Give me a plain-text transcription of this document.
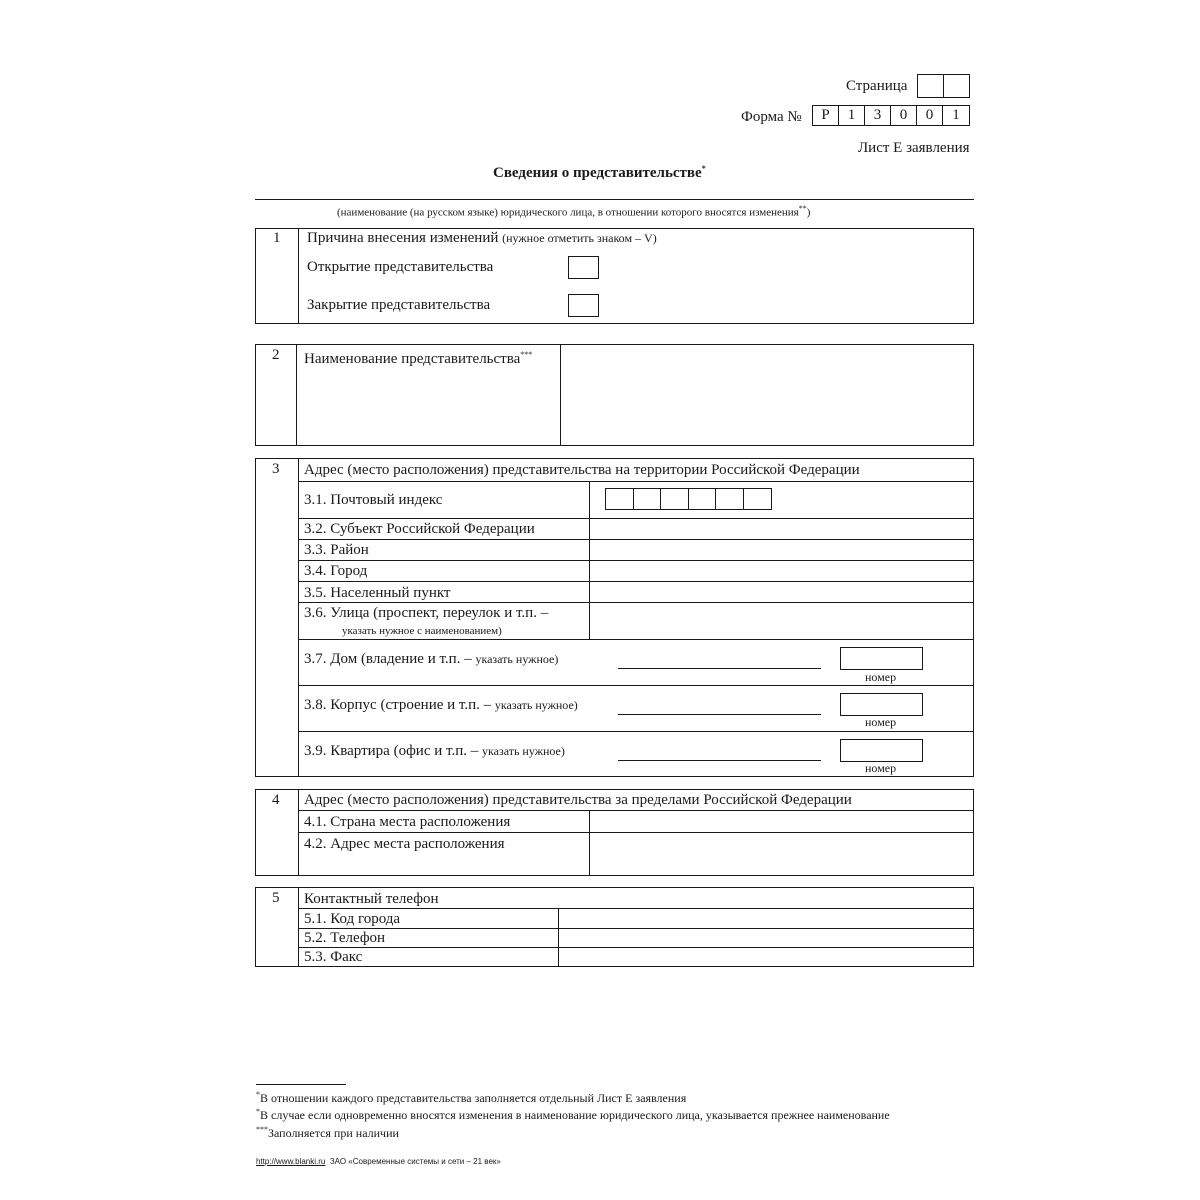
Страница
Форма №	Р	1	3	0	0	1
Лист Е заявления
Сведения о представительстве*
(наименование (на русском языке) юридического лица, в отношении которого вносятся изменения**)
1 Причина внесения изменений (нужное отметить знаком – V)
Открытие представительства
Закрытие представительства
2 Наименование представительства***
3 Адрес (место расположения) представительства на территории Российской Федерации
3.1. Почтовый индекс
3.2. Субъект Российской Федерации
3.3. Район
3.4. Город
3.5. Населенный пункт
3.6. Улица (проспект, переулок и т.п. –
указать нужное с наименованием)
3.7. Дом (владение и т.п. – указать нужное)
номер
3.8. Корпус (строение и т.п. – указать нужное)
номер
3.9. Квартира (офис и т.п. – указать нужное)
номер
4 Адрес (место расположения) представительства за пределами Российской Федерации
4.1. Страна места расположения
4.2. Адрес места расположения
5 Контактный телефон
5.1. Код города
5.2. Телефон
5.3. Факс
*В отношении каждого представительства заполняется отдельный Лист Е заявления
*В случае если одновременно вносятся изменения в наименование юридического лица, указывается прежнее наименование
***Заполняется при наличии
http://www.blanki.ru ЗАО «Современные системы и сети – 21 век»
